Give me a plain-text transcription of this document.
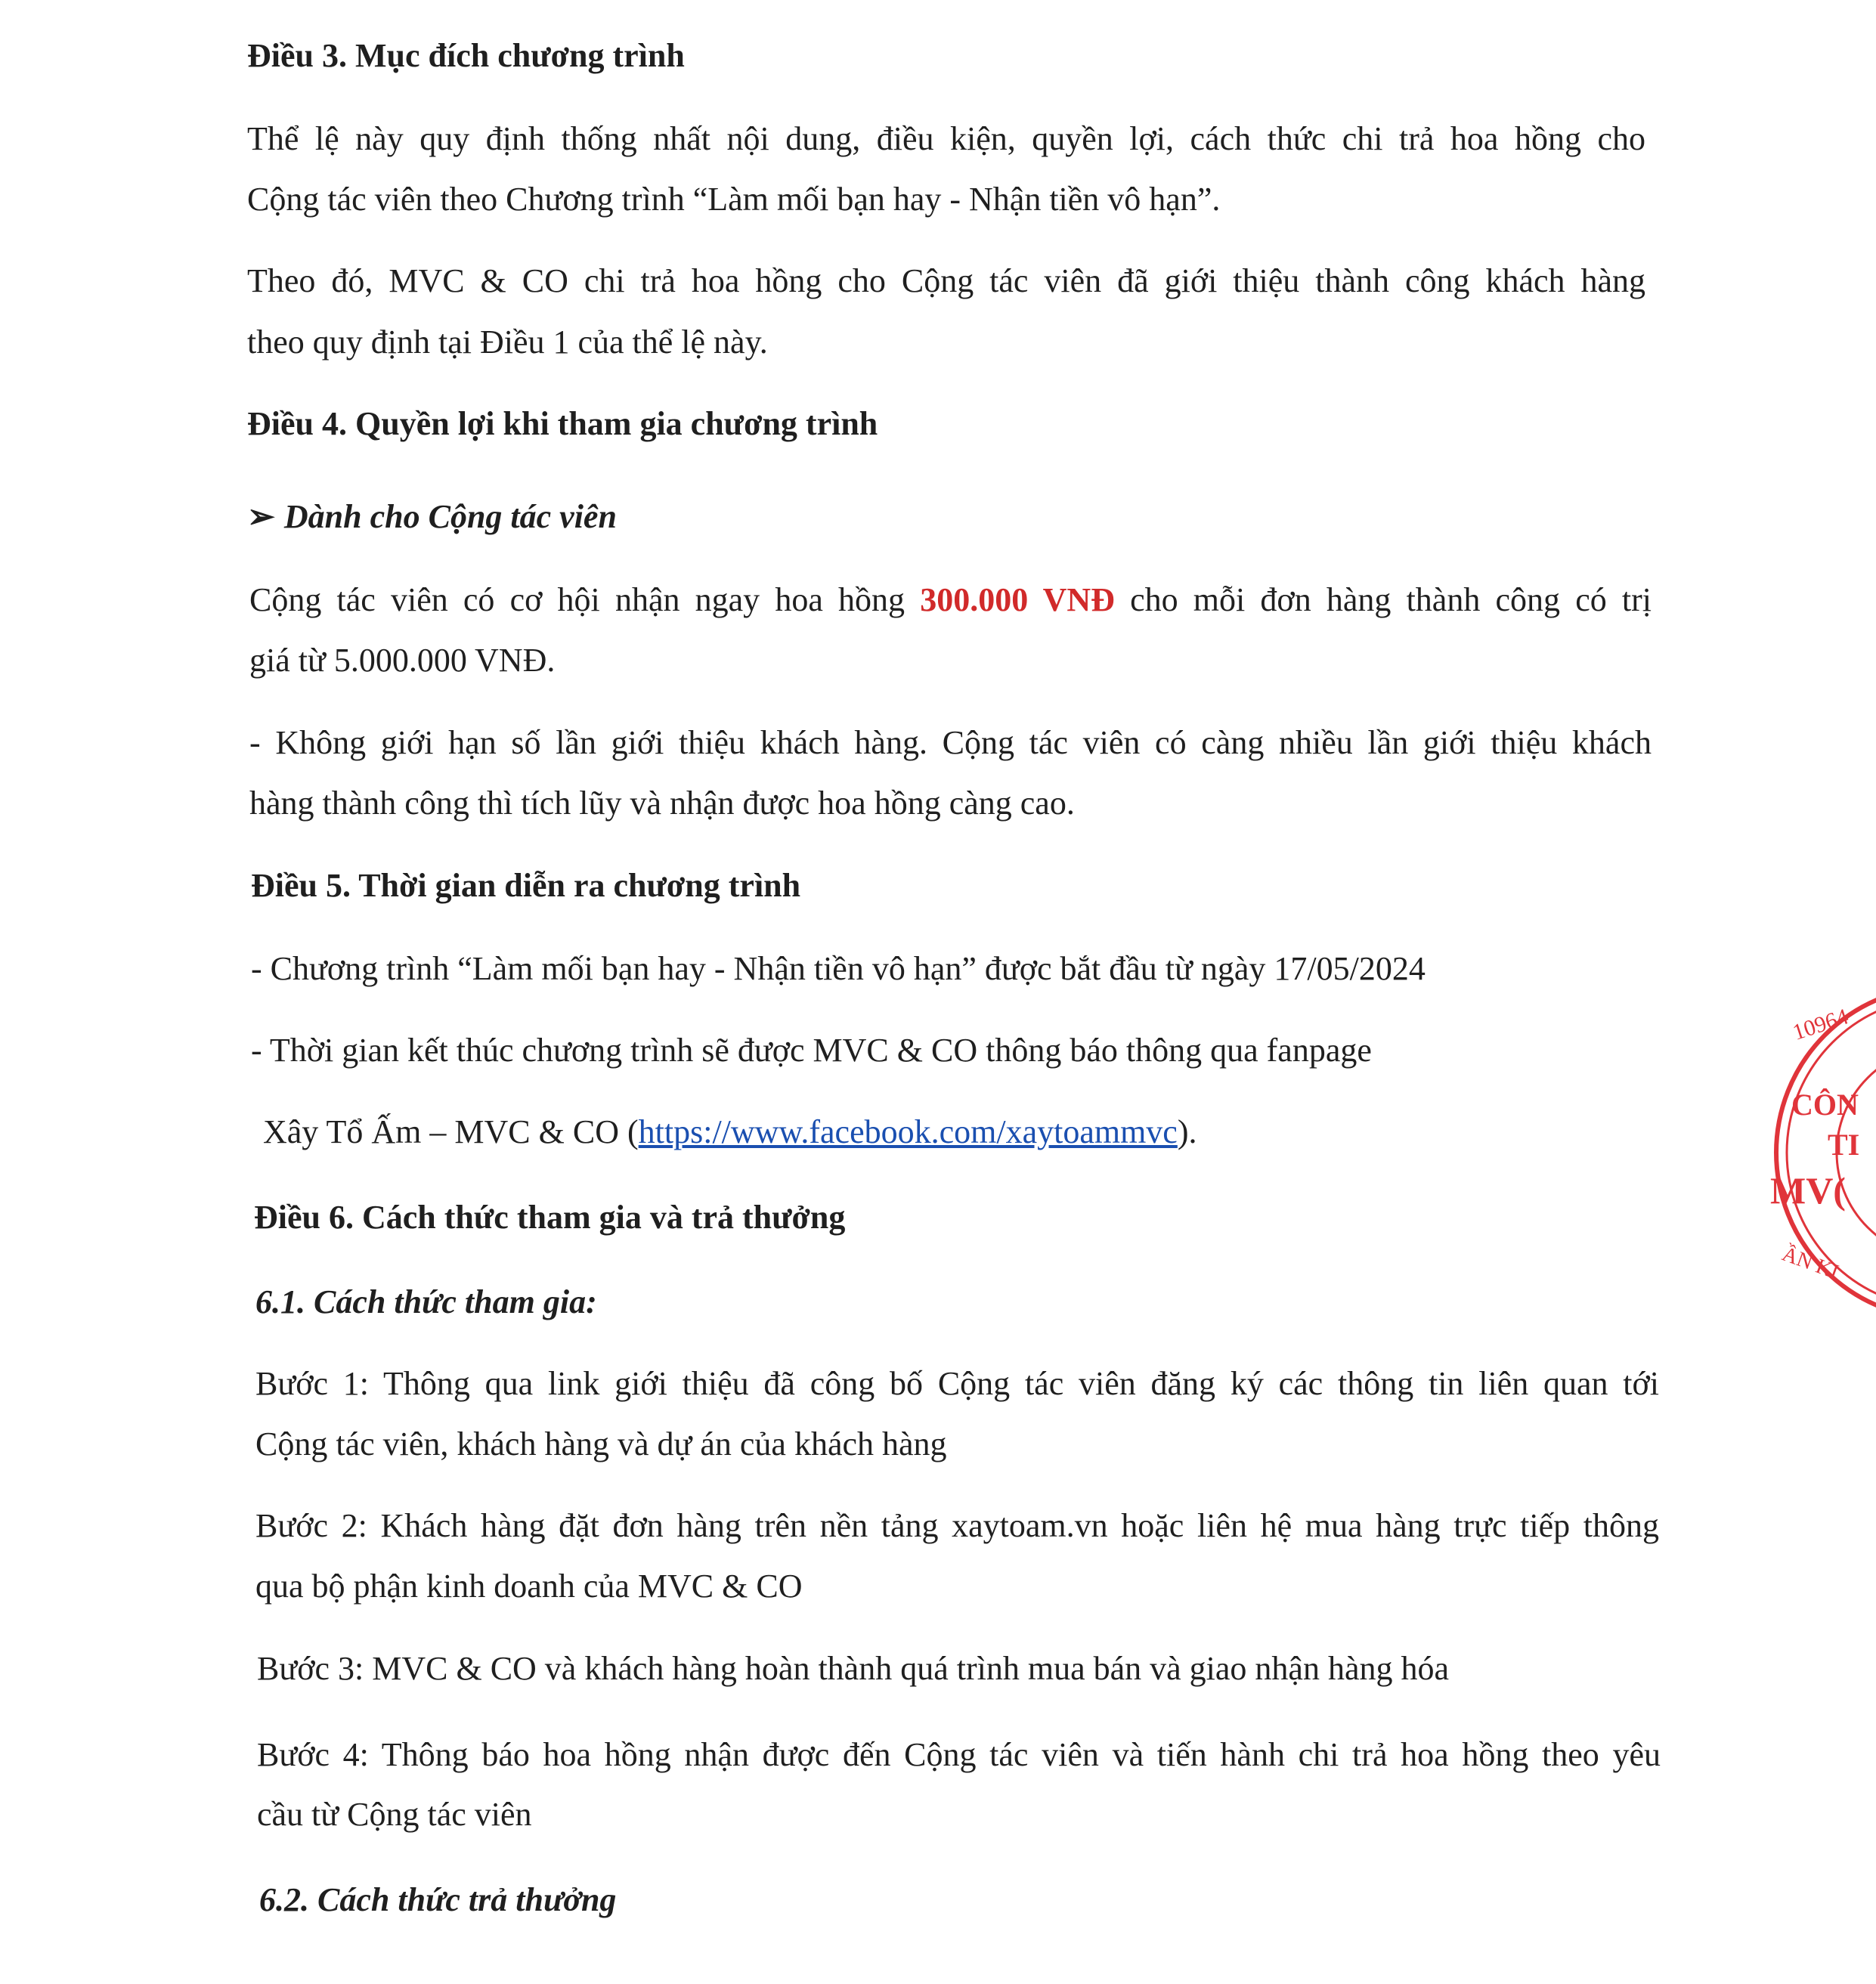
Điều 3. Mục đích chương trình
Thể lệ này quy định thống nhất nội dung, điều kiện, quyền lợi, cách thức chi trả hoa hồng cho
Cộng tác viên theo Chương trình “Làm mối bạn hay - Nhận tiền vô hạn”.
Theo đó, MVC & CO chi trả hoa hồng cho Cộng tác viên đã giới thiệu thành công khách hàng
theo quy định tại Điều 1 của thể lệ này.
Điều 4. Quyền lợi khi tham gia chương trình
➢ Dành cho Cộng tác viên
Cộng tác viên có cơ hội nhận ngay hoa hồng 300.000 VNĐ cho mỗi đơn hàng thành công có trị
giá từ 5.000.000 VNĐ.
- Không giới hạn số lần giới thiệu khách hàng. Cộng tác viên có càng nhiều lần giới thiệu khách
hàng thành công thì tích lũy và nhận được hoa hồng càng cao.
Điều 5. Thời gian diễn ra chương trình
- Chương trình “Làm mối bạn hay - Nhận tiền vô hạn” được bắt đầu từ ngày 17/05/2024
- Thời gian kết thúc chương trình sẽ được MVC & CO thông báo thông qua fanpage
Xây Tổ Ấm – MVC & CO (https://www.facebook.com/xaytoammvc).
Điều 6. Cách thức tham gia và trả thưởng
6.1. Cách thức tham gia:
Bước 1: Thông qua link giới thiệu đã công bố Cộng tác viên đăng ký các thông tin liên quan tới
Cộng tác viên, khách hàng và dự án của khách hàng
Bước 2: Khách hàng đặt đơn hàng trên nền tảng xaytoam.vn hoặc liên hệ mua hàng trực tiếp thông
qua bộ phận kinh doanh của MVC & CO
Bước 3: MVC & CO và khách hàng hoàn thành quá trình mua bán và giao nhận hàng hóa
Bước 4: Thông báo hoa hồng nhận được đến Cộng tác viên và tiến hành chi trả hoa hồng theo yêu
cầu từ Cộng tác viên
6.2. Cách thức trả thưởng
10964
CÔN
TI
MV(
ẦN KI
